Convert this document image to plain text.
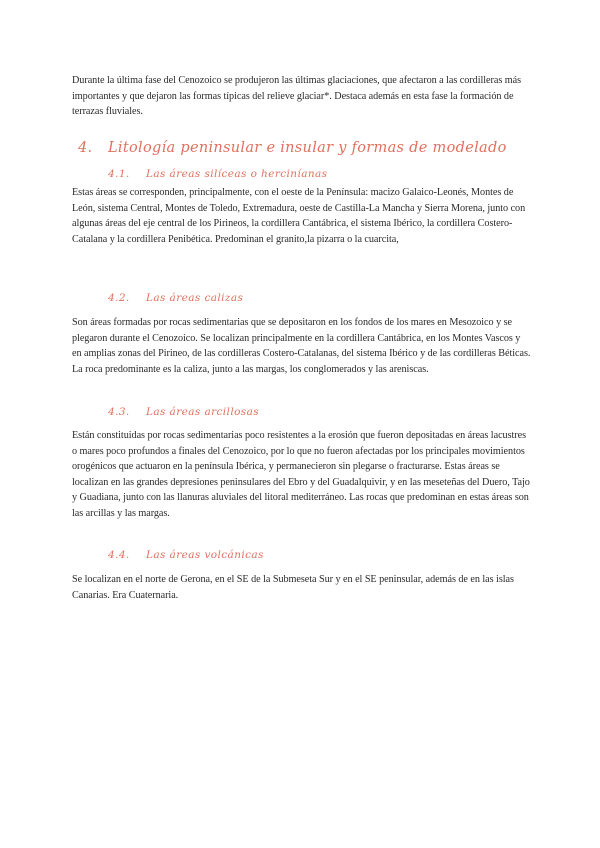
Durante la última fase del Cenozoico se produjeron las últimas glaciaciones, que afectaron a las cordilleras más importantes y que dejaron las formas típicas del relieve glaciar*. Destaca además en esta fase la formación de terrazas fluviales.

4. Litología peninsular e insular y formas de modelado
4.1. Las áreas silíceas o herciníanas

Estas áreas se corresponden, principalmente, con el oeste de la Península: macizo Galaico-Leonés, Montes de León, sistema Central, Montes de Toledo, Extremadura, oeste de Castilla-La Mancha y Sierra Morena, junto con algunas áreas del eje central de los Pirineos, la cordillera Cantábrica, el sistema Ibérico, la cordillera Costero-Catalana y la cordillera Penibética. Predominan el granito,la pizarra o la cuarcita,

4.2. Las áreas calizas

Son áreas formadas por rocas sedimentarias que se depositaron en los fondos de los mares en Mesozoico y se plegaron durante el Cenozoico. Se localizan principalmente en la cordillera Cantábrica, en los Montes Vascos y en amplias zonas del Pirineo, de las cordilleras Costero-Catalanas, del sistema Ibérico y de las cordilleras Béticas. La roca predominante es la caliza, junto a las margas, los conglomerados y las areniscas.

4.3. Las áreas arcillosas

Están constituidas por rocas sedimentarias poco resistentes a la erosión que fueron depositadas en áreas lacustres o mares poco profundos a finales del Cenozoico, por lo que no fueron afectadas por los principales movimientos orogénicos que actuaron en la península Ibérica, y permanecieron sin plegarse o fracturarse. Estas áreas se localizan en las grandes depresiones peninsulares del Ebro y del Guadalquivir, y en las meseteñas del Duero, Tajo y Guadiana, junto con las llanuras aluviales del litoral mediterráneo. Las rocas que predominan en estas áreas son las arcillas y las margas.

4.4. Las áreas volcánicas

Se localizan en el norte de Gerona, en el SE de la Submeseta Sur y en el SE peninsular, además de en las islas Canarias. Era Cuaternaria.
